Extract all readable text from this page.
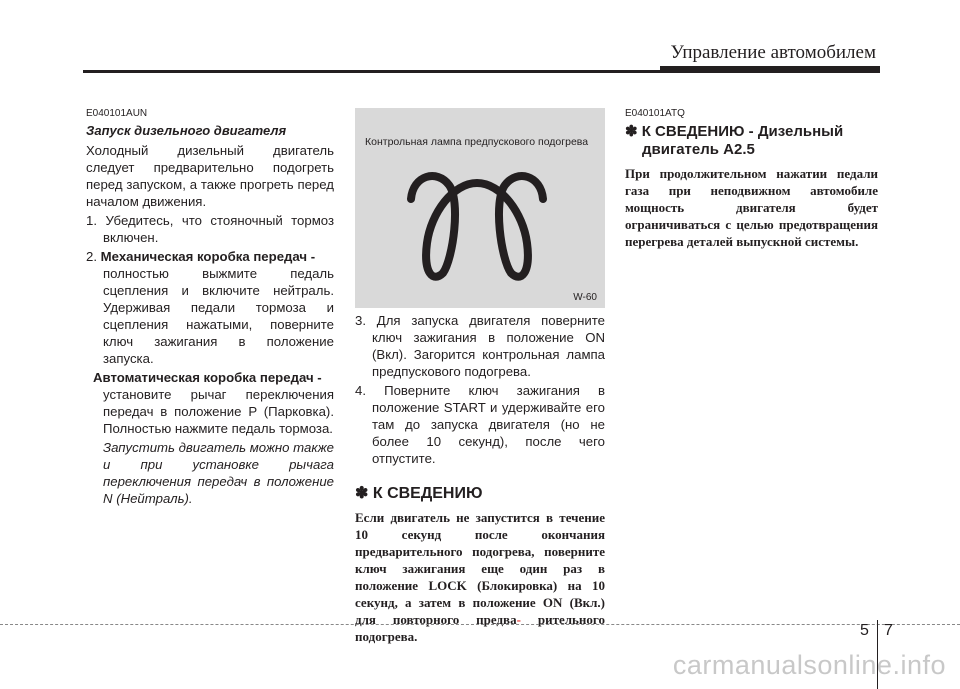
Управление автомобилем
E040101AUN
Запуск дизельного двигателя

Холодный дизельный двигатель следует предварительно подогреть перед запуском, а также прогреть перед началом движения.

1. Убедитесь, что стояночный тормоз включен.

2. Механическая коробка передач -

полностью выжмите педаль сцепления и включите нейтраль. Удерживая педали тормоза и сцепления нажатыми, поверните ключ зажигания в положение запуска.

Автоматическая коробка передач -

установите рычаг переключения передач в положение P (Парковка). Полностью нажмите педаль тормоза.

Запустить двигатель можно также и при установке рычага переключения передач в положение N (Нейтраль).

Контрольная лампа предпускового подогрева
W-60

3. Для запуска двигателя поверните ключ зажигания в положение ON (Вкл). Загорится контрольная лампа предпускового подогрева.

4. Поверните ключ зажигания в положение START и удерживайте его там до запуска двигателя (но не более 10 секунд), после чего отпустите.

✽ К СВЕДЕНИЮ

Если двигатель не запустится в течение 10 секунд после окончания предварительного подогрева, поверните ключ зажигания еще один раз в положение LOCK (Блокировка) на 10 секунд, а затем в положение ON (Вкл.) для повторного предва- рительного подогрева.

E040101ATQ
✽ К СВЕДЕНИЮ - Дизельный
двигатель A2.5

При продолжительном нажатии педали газа при неподвижном автомобиле мощность двигателя будет ограничиваться с целью предотвращения перегрева деталей выпускной системы.

5 7
carmanualsonline.info
